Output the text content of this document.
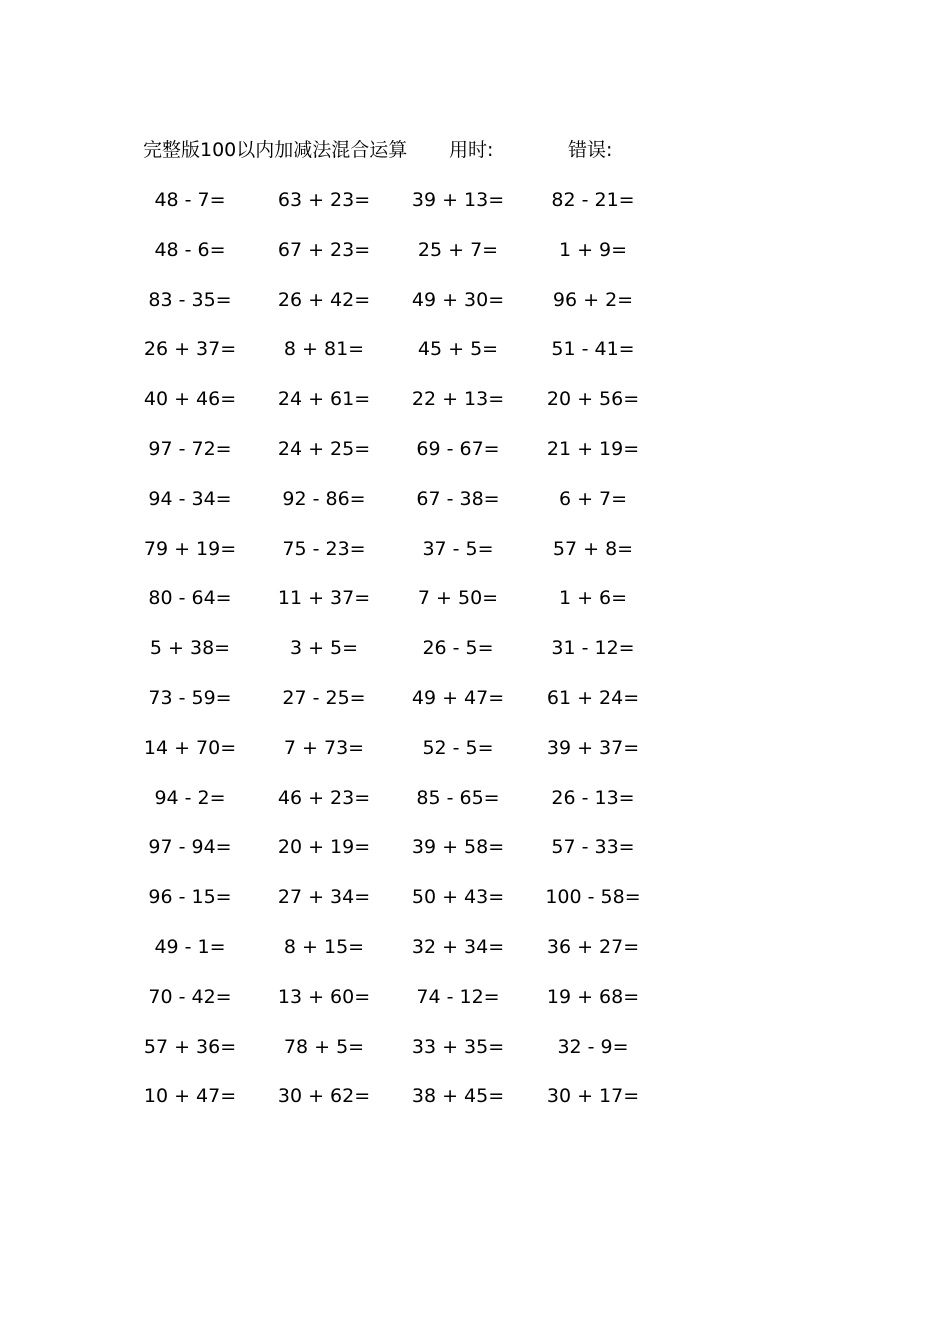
完整版100以内加减法混合运算 用时:	错误:
48 - 7=	63 + 23=	39 + 13=	82 - 21=
48 - 6=	67 + 23=	25 + 7=	1 + 9=
83 - 35=	26 + 42=	49 + 30=	96 + 2=
26 + 37=	8 + 81=	45 + 5=	51 - 41=
40 + 46=	24 + 61=	22 + 13=	20 + 56=
97 - 72=	24 + 25=	69 - 67=	21 + 19=
94 - 34=	92 - 86=	67 - 38=	6 + 7=
79 + 19=	75 - 23=	37 - 5=	57 + 8=
80 - 64=	11 + 37=	7 + 50=	1 + 6=
5 + 38=	3 + 5=	26 - 5=	31 - 12=
73 - 59=	27 - 25=	49 + 47=	61 + 24=
14 + 70=	7 + 73=	52 - 5=	39 + 37=
94 - 2=	46 + 23=	85 - 65=	26 - 13=
97 - 94=	20 + 19=	39 + 58=	57 - 33=
96 - 15=	27 + 34=	50 + 43=	100 - 58=
49 - 1=	8 + 15=	32 + 34=	36 + 27=
70 - 42=	13 + 60=	74 - 12=	19 + 68=
57 + 36=	78 + 5=	33 + 35=	32 - 9=
10 + 47=	30 + 62=	38 + 45=	30 + 17=
